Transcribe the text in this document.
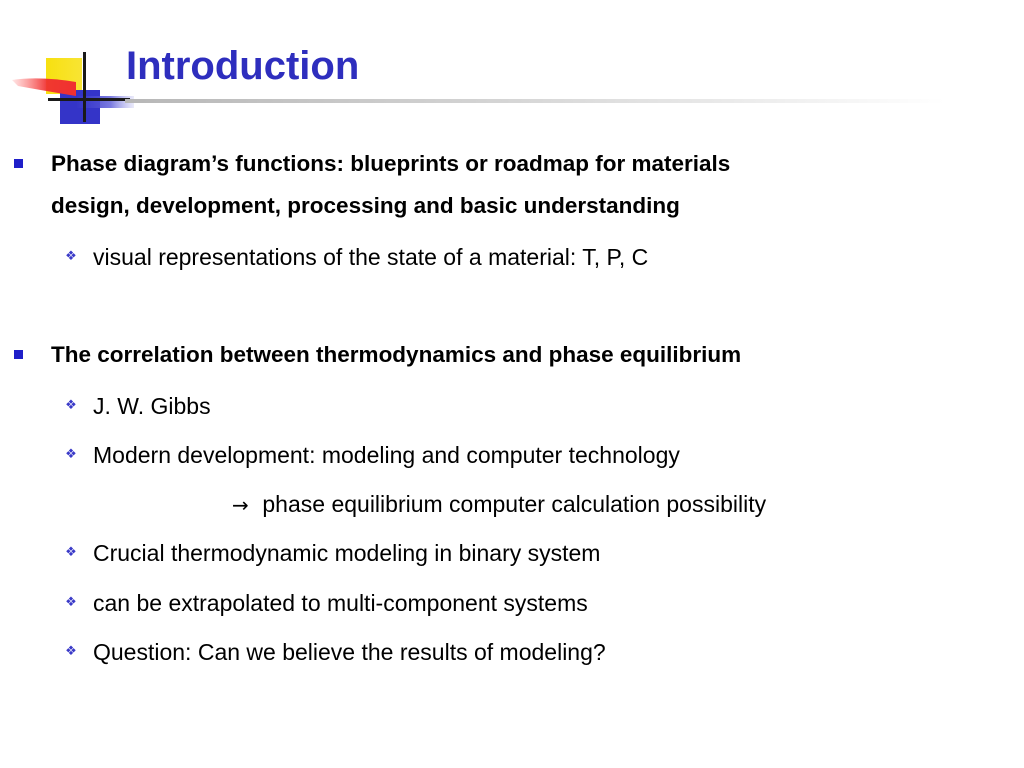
Introduction
Phase diagram’s functions: blueprints or roadmap for materials
design, development, processing and basic understanding
❖ visual representations of the state of a material: T, P, C
The correlation between thermodynamics and phase equilibrium
❖ J. W. Gibbs
❖ Modern development: modeling and computer technology
→ phase equilibrium computer calculation possibility
❖ Crucial thermodynamic modeling in binary system
❖ can be extrapolated to multi-component systems
❖ Question: Can we believe the results of modeling?
